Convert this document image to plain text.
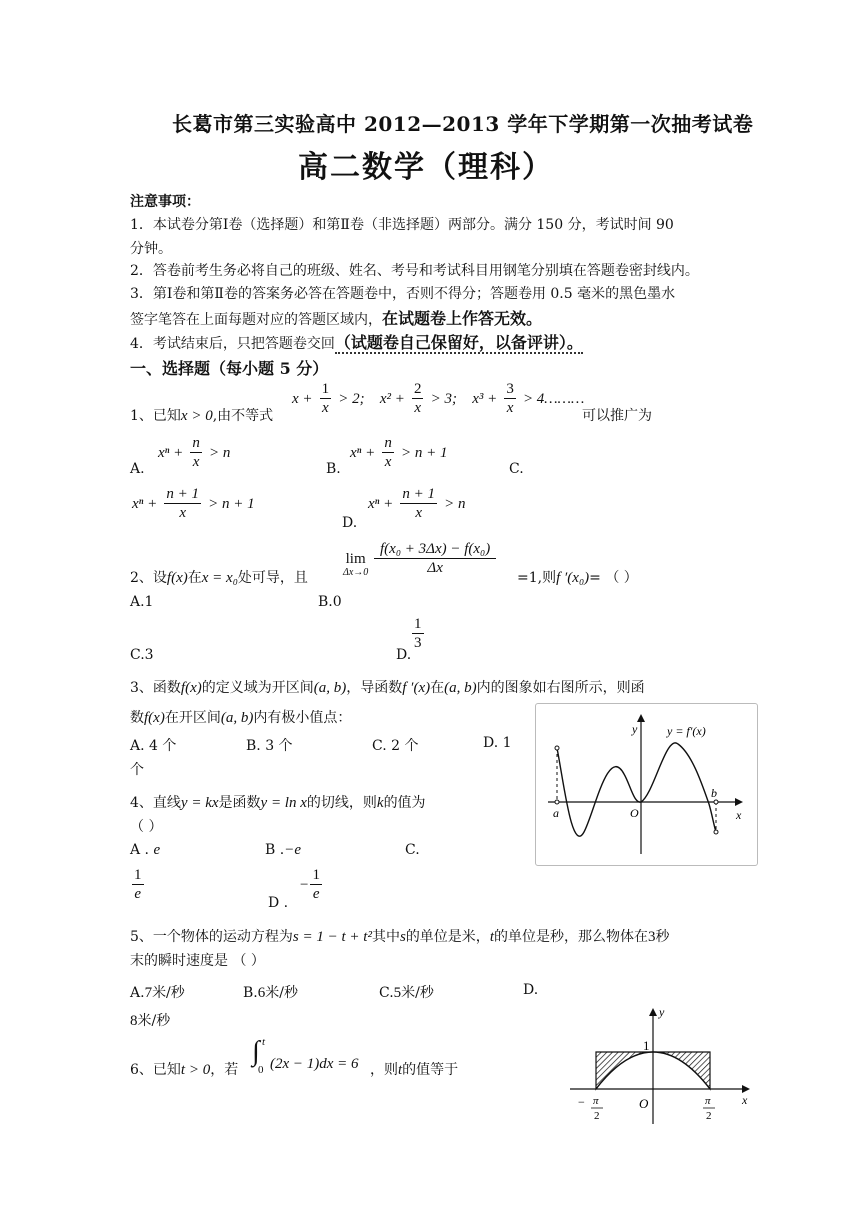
长葛市第三实验高中 2012—2013 学年下学期第一次抽考试卷
高二数学（理科）
注意事项：
1．本试卷分第Ⅰ卷（选择题）和第Ⅱ卷（非选择题）两部分。满分 150 分，考试时间 90
分钟。
2．答卷前考生务必将自己的班级、姓名、考号和考试科目用钢笔分别填在答题卷密封线内。
3．第Ⅰ卷和第Ⅱ卷的答案务必答在答题卷中，否则不得分；答题卷用 0.5 毫米的黑色墨水
签字笔答在上面每题对应的答题区域内，在试题卷上作答无效。
4．考试结束后，只把答题卷交回（试题卷自己保留好，以备评讲）。
一、选择题（每小题 5 分）
1、已知x > 0,由不等式
$x + \frac{1}{x} > 2$; $x^2 + \frac{2}{x} > 3$; $x^3 + \frac{3}{x}$ > 4………
可以推广为
$x^n + \frac{n}{x} > n$
A.
$x^n + \frac{n}{x} > n + 1$
B.	C.
$x^n + \frac{n + 1}{x} > n + 1$	$x^n + \frac{n + 1}{x} > n$
D.
2、设f(x)在x = x₀处可导，且
lim
$\Delta x\to 0 \frac{\text{f(x₀ + 3Δx) − f(x₀)}}{\Delta x}$
=1,则f ′(x₀)= （ ）
A.1	B.0
C.3	D.
$\frac{1}{3}$
3、函数f(x)的定义域为开区间(a, b)，导函数f ′(x)在(a, b)内的图象如右图所示，则函
数f(x)在开区间(a, b)内有极小值点：
A. 4 个	B. 3 个	C. 2 个	D. 1
个
y y = f′(x)
x
a
b
O
4、直线y = kx是函数y = ln x的切线，则k的值为
（ ）
A . e	B .−e	C.
$\frac{1}{e}$	D .
− $\frac{1}{e}$
5、一个物体的运动方程为s = 1 − t + t²其中s的单位是米，t的单位是秒，那么物体在3秒
末的瞬时速度是 （ ）
A.7米/秒	B.6米/秒	C.5米/秒	D.
8米/秒
6、已知t > 0，若
∫ t
0 (2x − 1)dx = 6 ，则t的值等于
y
x
1
O
− π
2
π
2
